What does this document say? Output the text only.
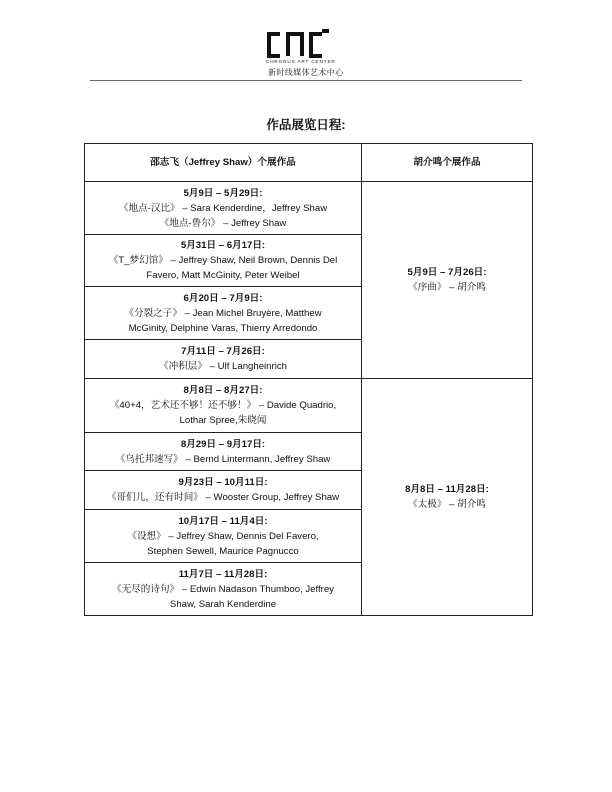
CHRONUS ART CENTER
新时线媒体艺术中心
作品展览日程:
邵志飞（Jeffrey Shaw）个展作品	胡介鸣个展作品

5月9日 – 5月29日:
《地点-汉比》 – Sara Kenderdine，Jeffrey Shaw
《地点-鲁尔》 – Jeffrey Shaw	5月9日 – 7月26日:
《序曲》 – 胡介鸣

5月31日 – 6月17日:
《T_梦幻馆》 – Jeffrey Shaw, Neil Brown, Dennis Del
Favero, Matt McGinity, Peter Weibel	

6月20日 – 7月9日:
《分裂之子》 – Jean Michel Bruyère, Matthew
McGinity, Delphine Varas, Thierry Arredondo	

7月11日 – 7月26日:
《冲积层》 – Ulf Langheinrich	

8月8日 – 8月27日:
《40+4，艺术还不够！还不够！》 – Davide Quadrio,
Lothar Spree,朱晓闻	8月8日 – 11月28日:
《太极》 – 胡介鸣

8月29日 – 9月17日:
《乌托邦速写》 – Bernd Lintermann, Jeffrey Shaw	

9月23日 – 10月11日:
《哥们儿，还有时间》 – Wooster Group, Jeffrey Shaw	

10月17日 – 11月4日:
《设想》 – Jeffrey Shaw, Dennis Del Favero,
Stephen Sewell, Maurice Pagnucco	

11月7日 – 11月28日:
《无尽的诗句》 – Edwin Nadason Thumboo, Jeffrey
Shaw, Sarah Kenderdine	
